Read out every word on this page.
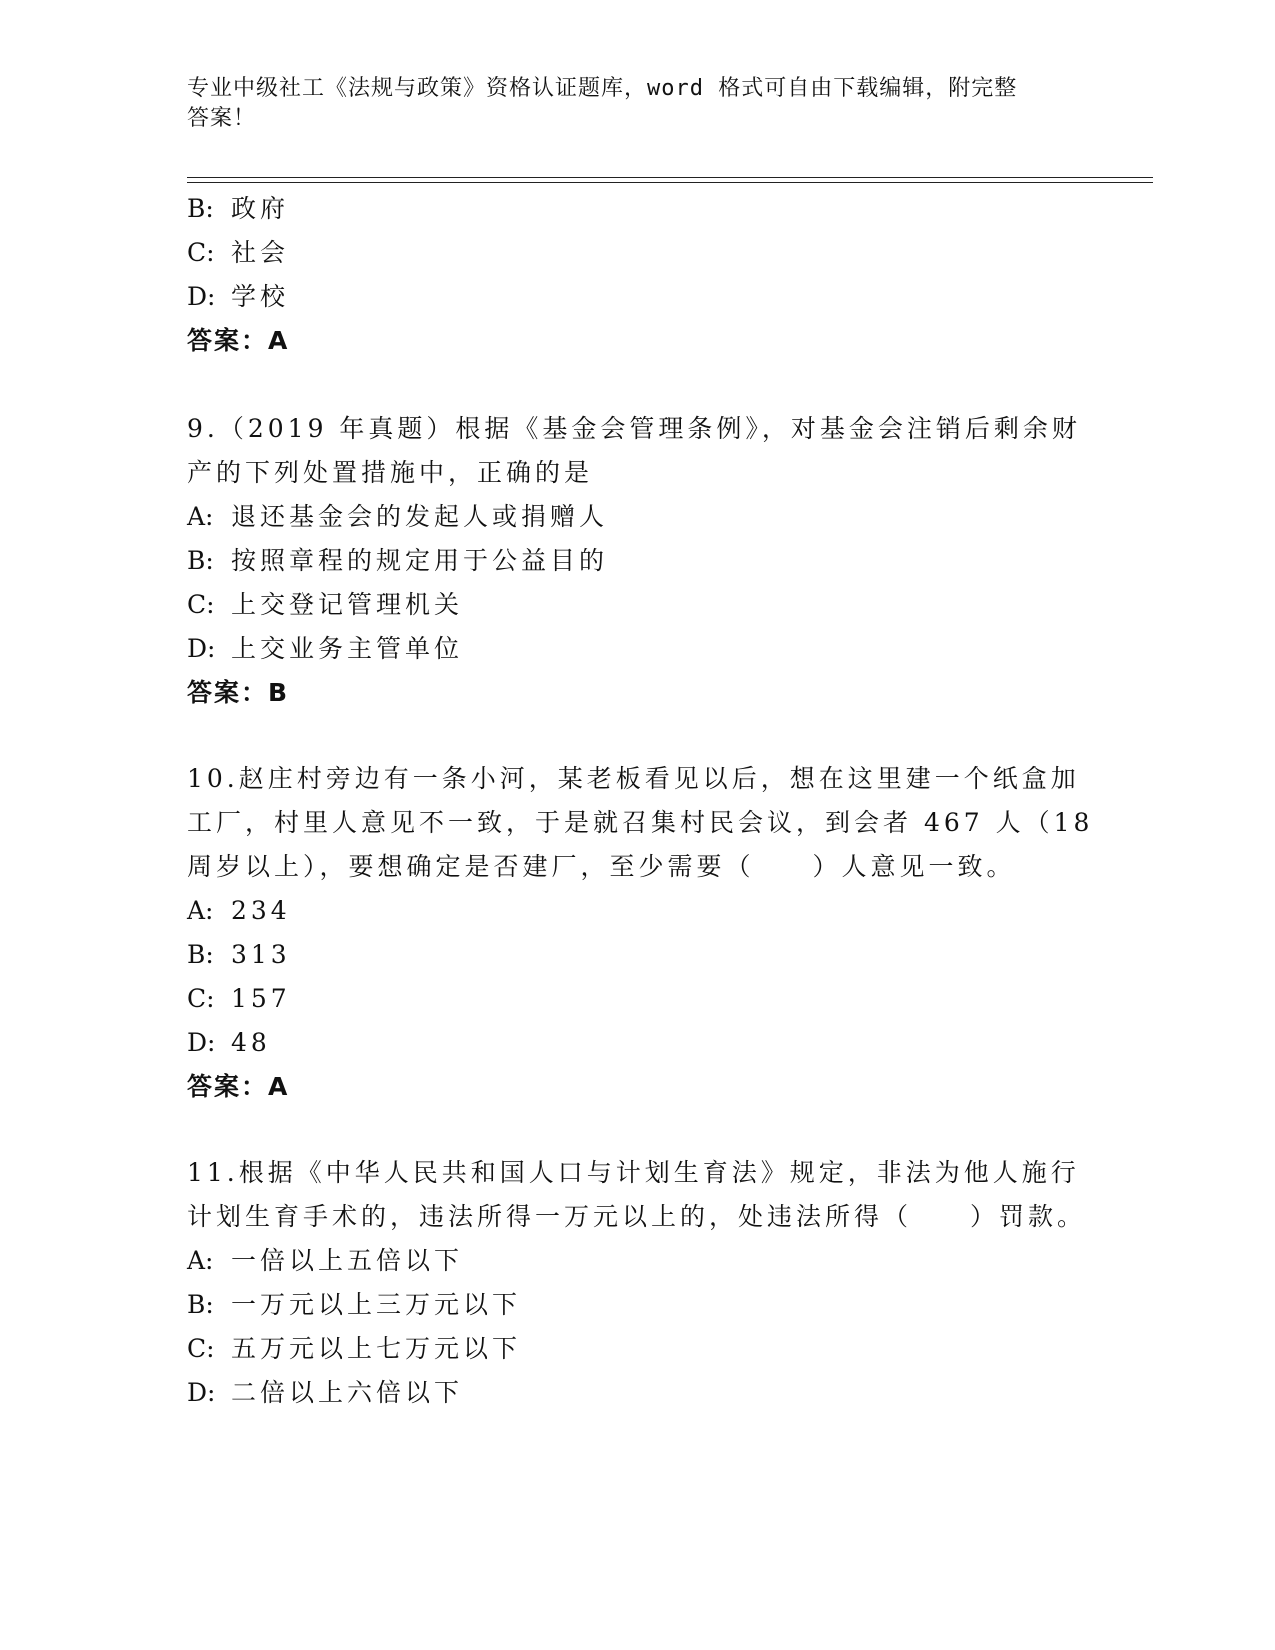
专业中级社工《法规与政策》资格认证题库，word 格式可自由下载编辑，附完整
答案！
B: 政府
C: 社会
D: 学校
答案：A
9.（2019 年真题）根据《基金会管理条例》，对基金会注销后剩余财
产的下列处置措施中，正确的是
A: 退还基金会的发起人或捐赠人
B: 按照章程的规定用于公益目的
C: 上交登记管理机关
D: 上交业务主管单位
答案：B
10.赵庄村旁边有一条小河，某老板看见以后，想在这里建一个纸盒加
工厂，村里人意见不一致，于是就召集村民会议，到会者 467 人（18
周岁以上），要想确定是否建厂，至少需要（　　）人意见一致。
A: 234
B: 313
C: 157
D: 48
答案：A
11.根据《中华人民共和国人口与计划生育法》规定，非法为他人施行
计划生育手术的，违法所得一万元以上的，处违法所得（　　）罚款。
A: 一倍以上五倍以下
B: 一万元以上三万元以下
C: 五万元以上七万元以下
D: 二倍以上六倍以下
